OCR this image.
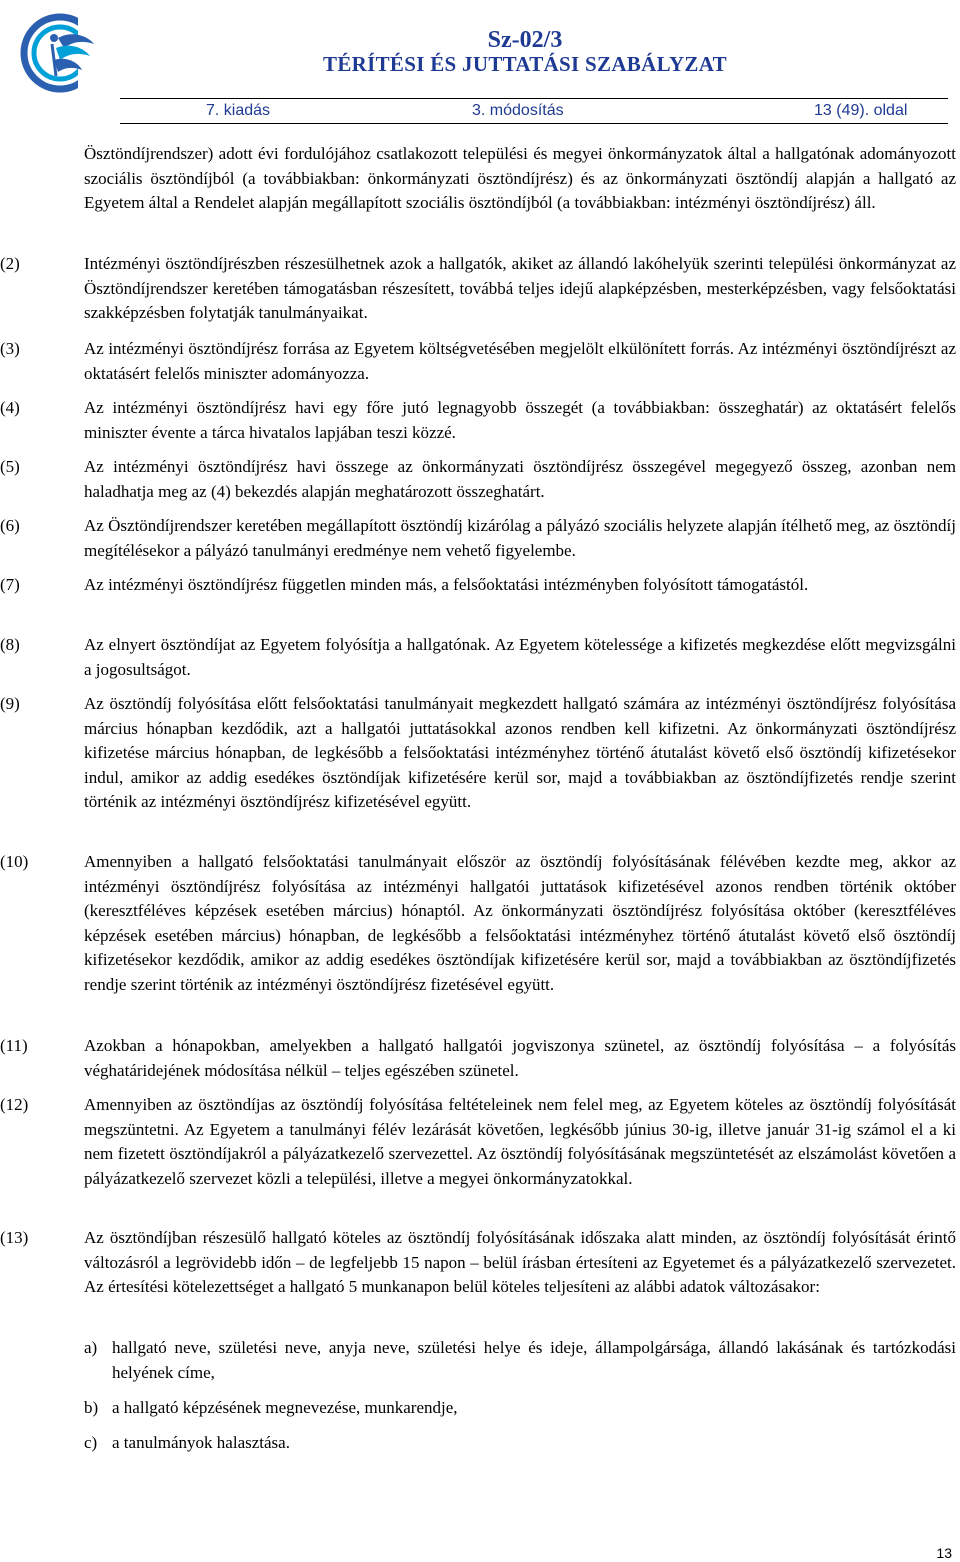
Sz-02/3
TÉRÍTÉSI ÉS JUTTATÁSI SZABÁLYZAT
7. kiadás	3. módosítás	13 (49). oldal
Ösztöndíjrendszer) adott évi fordulójához csatlakozott települési és megyei önkormányzatok által a hallgatónak adományozott szociális ösztöndíjból (a továbbiakban: önkormányzati ösztöndíjrész) és az önkormányzati ösztöndíj alapján a hallgató az Egyetem által a Rendelet alapján megállapított szociális ösztöndíjból (a továbbiakban: intézményi ösztöndíjrész) áll.
(2)	Intézményi ösztöndíjrészben részesülhetnek azok a hallgatók, akiket az állandó lakóhelyük szerinti települési önkormányzat az Ösztöndíjrendszer keretében támogatásban részesített, továbbá teljes idejű alapképzésben, mesterképzésben, vagy felsőoktatási szakképzésben folytatják tanulmányaikat.
(3)	Az intézményi ösztöndíjrész forrása az Egyetem költségvetésében megjelölt elkülönített forrás. Az intézményi ösztöndíjrészt az oktatásért felelős miniszter adományozza.
(4)	Az intézményi ösztöndíjrész havi egy főre jutó legnagyobb összegét (a továbbiakban: összeghatár) az oktatásért felelős miniszter évente a tárca hivatalos lapjában teszi közzé.
(5)	Az intézményi ösztöndíjrész havi összege az önkormányzati ösztöndíjrész összegével megegyező összeg, azonban nem haladhatja meg az (4) bekezdés alapján meghatározott összeghatárt.
(6)	Az Ösztöndíjrendszer keretében megállapított ösztöndíj kizárólag a pályázó szociális helyzete alapján ítélhető meg, az ösztöndíj megítélésekor a pályázó tanulmányi eredménye nem vehető figyelembe.
(7)	Az intézményi ösztöndíjrész független minden más, a felsőoktatási intézményben folyósított támogatástól.
(8)	Az elnyert ösztöndíjat az Egyetem folyósítja a hallgatónak. Az Egyetem kötelessége a kifizetés megkezdése előtt megvizsgálni a jogosultságot.
(9)	Az ösztöndíj folyósítása előtt felsőoktatási tanulmányait megkezdett hallgató számára az intézményi ösztöndíjrész folyósítása március hónapban kezdődik, azt a hallgatói juttatásokkal azonos rendben kell kifizetni. Az önkormányzati ösztöndíjrész kifizetése március hónapban, de legkésőbb a felsőoktatási intézményhez történő átutalást követő első ösztöndíj kifizetésekor indul, amikor az addig esedékes ösztöndíjak kifizetésére kerül sor, majd a továbbiakban az ösztöndíjfizetés rendje szerint történik az intézményi ösztöndíjrész kifizetésével együtt.
(10)	Amennyiben a hallgató felsőoktatási tanulmányait először az ösztöndíj folyósításának félévében kezdte meg, akkor az intézményi ösztöndíjrész folyósítása az intézményi hallgatói juttatások kifizetésével azonos rendben történik október (keresztféléves képzések esetében március) hónaptól. Az önkormányzati ösztöndíjrész folyósítása október (keresztféléves képzések esetében március) hónapban, de legkésőbb a felsőoktatási intézményhez történő átutalást követő első ösztöndíj kifizetésekor kezdődik, amikor az addig esedékes ösztöndíjak kifizetésére kerül sor, majd a továbbiakban az ösztöndíjfizetés rendje szerint történik az intézményi ösztöndíjrész fizetésével együtt.
(11)	Azokban a hónapokban, amelyekben a hallgató hallgatói jogviszonya szünetel, az ösztöndíj folyósítása – a folyósítás véghatáridejének módosítása nélkül – teljes egészében szünetel.
(12)	Amennyiben az ösztöndíjas az ösztöndíj folyósítása feltételeinek nem felel meg, az Egyetem köteles az ösztöndíj folyósítását megszüntetni. Az Egyetem a tanulmányi félév lezárását követően, legkésőbb június 30-ig, illetve január 31-ig számol el a ki nem fizetett ösztöndíjakról a pályázatkezelő szervezettel. Az ösztöndíj folyósításának megszüntetését az elszámolást követően a pályázatkezelő szervezet közli a települési, illetve a megyei önkormányzatokkal.
(13)	Az ösztöndíjban részesülő hallgató köteles az ösztöndíj folyósításának időszaka alatt minden, az ösztöndíj folyósítását érintő változásról a legrövidebb időn – de legfeljebb 15 napon – belül írásban értesíteni az Egyetemet és a pályázatkezelő szervezetet. Az értesítési kötelezettséget a hallgató 5 munkanapon belül köteles teljesíteni az alábbi adatok változásakor:
a) hallgató neve, születési neve, anyja neve, születési helye és ideje, állampolgársága, állandó lakásának és tartózkodási helyének címe,
b) a hallgató képzésének megnevezése, munkarendje,
c) a tanulmányok halasztása.
13
